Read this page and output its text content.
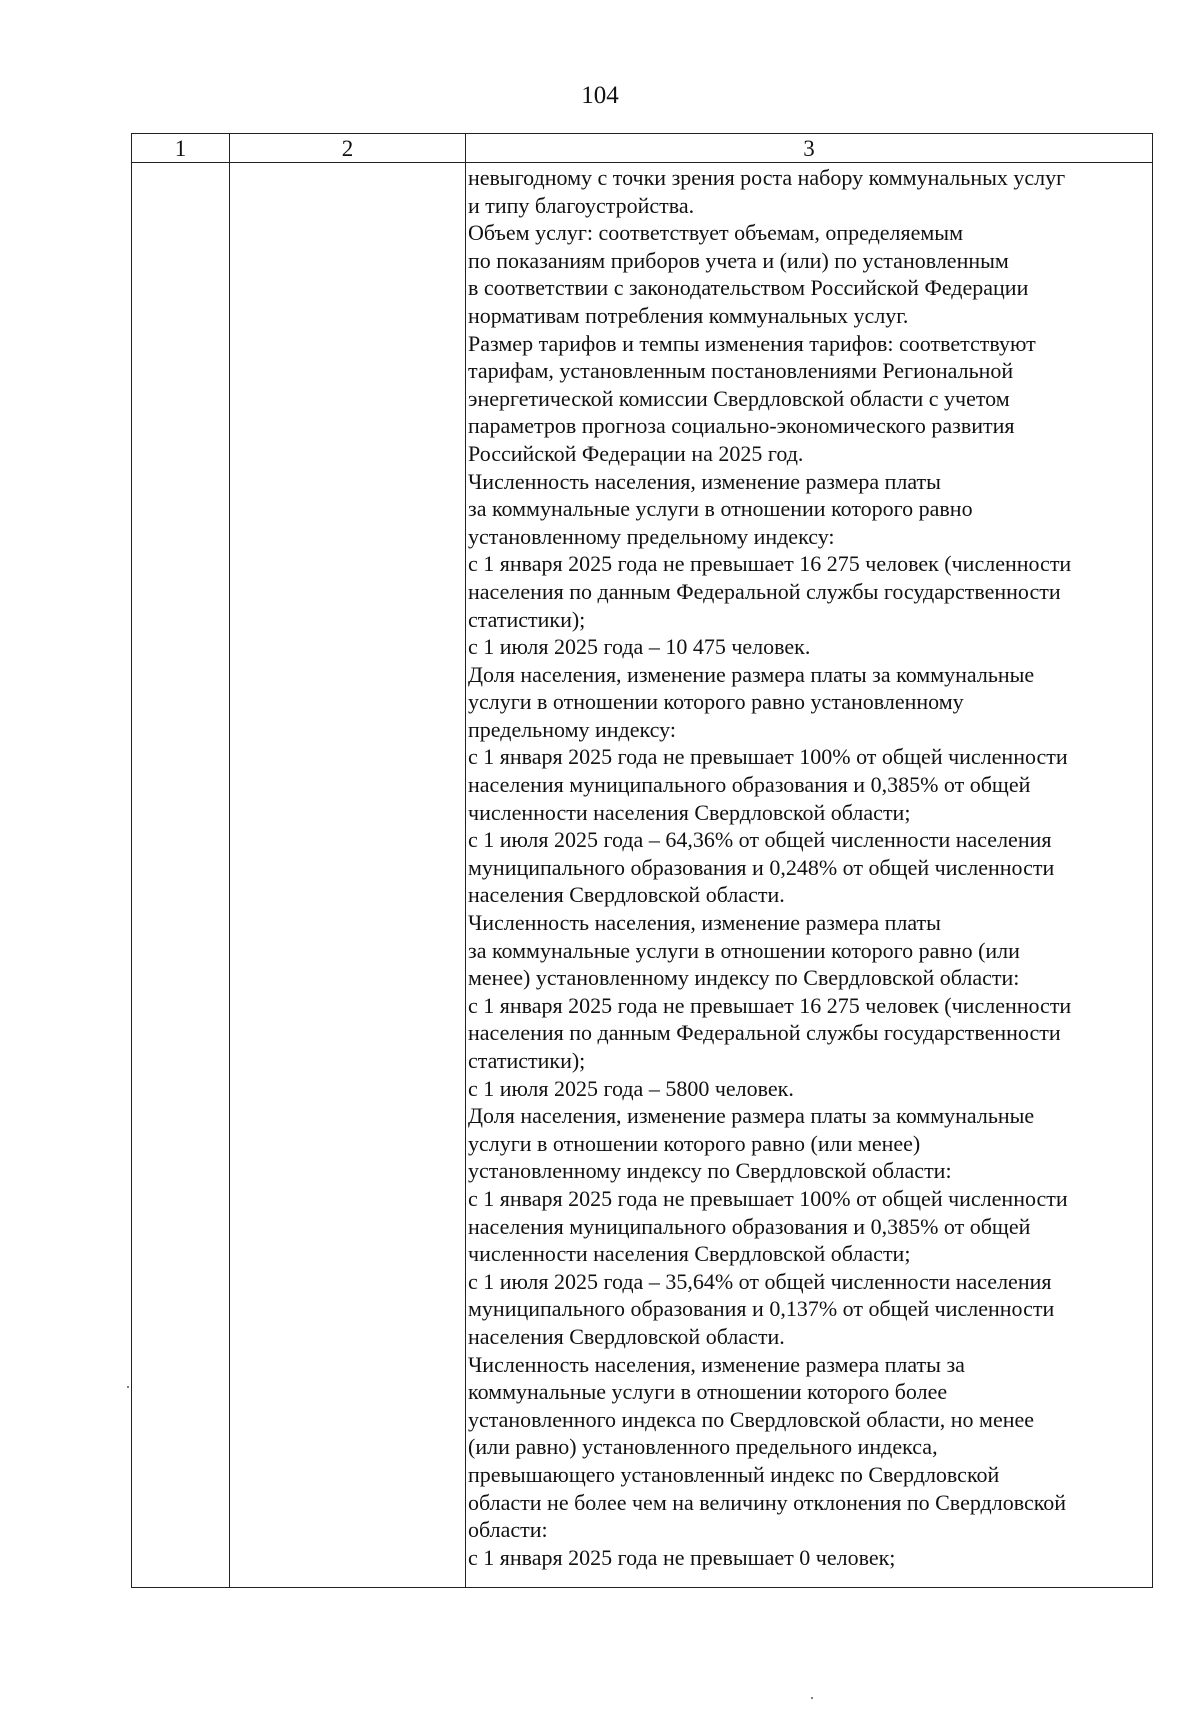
104
1	2	3
невыгодному с точки зрения роста набору коммунальных услуг
и типу благоустройства.
Объем услуг: соответствует объемам, определяемым
по показаниям приборов учета и (или) по установленным
в соответствии с законодательством Российской Федерации
нормативам потребления коммунальных услуг.
Размер тарифов и темпы изменения тарифов: соответствуют
тарифам, установленным постановлениями Региональной
энергетической комиссии Свердловской области с учетом
параметров прогноза социально-экономического развития
Российской Федерации на 2025 год.
Численность населения, изменение размера платы
за коммунальные услуги в отношении которого равно
установленному предельному индексу:
с 1 января 2025 года не превышает 16 275 человек (численности
населения по данным Федеральной службы государственности
статистики);
с 1 июля 2025 года – 10 475 человек.
Доля населения, изменение размера платы за коммунальные
услуги в отношении которого равно установленному
предельному индексу:
с 1 января 2025 года не превышает 100% от общей численности
населения муниципального образования и 0,385% от общей
численности населения Свердловской области;
с 1 июля 2025 года – 64,36% от общей численности населения
муниципального образования и 0,248% от общей численности
населения Свердловской области.
Численность населения, изменение размера платы
за коммунальные услуги в отношении которого равно (или
менее) установленному индексу по Свердловской области:
с 1 января 2025 года не превышает 16 275 человек (численности
населения по данным Федеральной службы государственности
статистики);
с 1 июля 2025 года – 5800 человек.
Доля населения, изменение размера платы за коммунальные
услуги в отношении которого равно (или менее)
установленному индексу по Свердловской области:
с 1 января 2025 года не превышает 100% от общей численности
населения муниципального образования и 0,385% от общей
численности населения Свердловской области;
с 1 июля 2025 года – 35,64% от общей численности населения
муниципального образования и 0,137% от общей численности
населения Свердловской области.
Численность населения, изменение размера платы за
коммунальные услуги в отношении которого более
установленного индекса по Свердловской области, но менее
(или равно) установленного предельного индекса,
превышающего установленный индекс по Свердловской
области не более чем на величину отклонения по Свердловской
области:
с 1 января 2025 года не превышает 0 человек;
